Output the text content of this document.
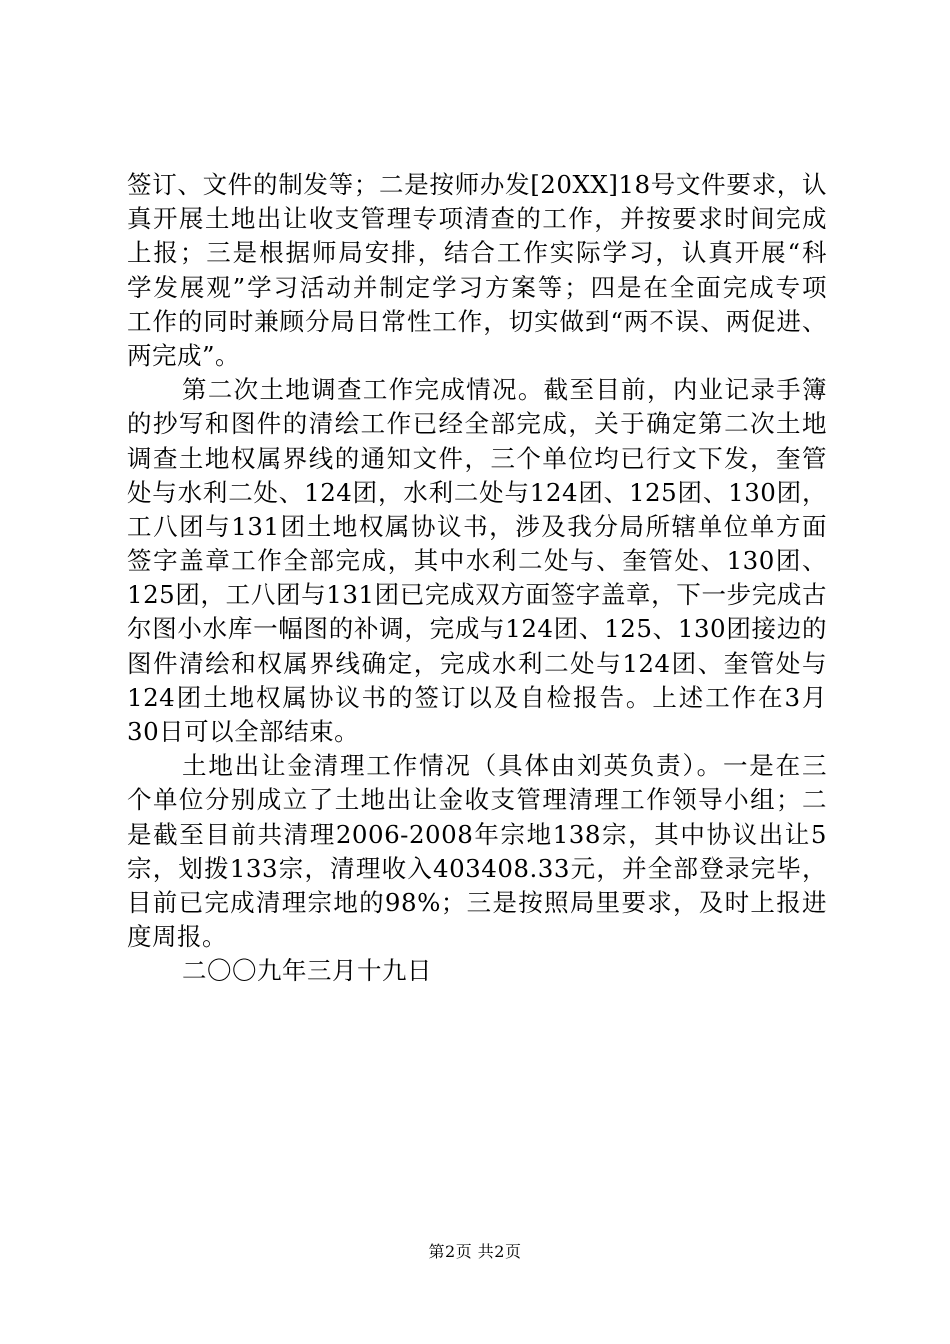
签订、文件的制发等；二是按师办发[20XX]18号文件要求，认
真开展土地出让收支管理专项清查的工作，并按要求时间完成
上报；三是根据师局安排，结合工作实际学习，认真开展“科
学发展观”学习活动并制定学习方案等；四是在全面完成专项
工作的同时兼顾分局日常性工作，切实做到“两不误、两促进、
两完成”。
第二次土地调查工作完成情况。截至目前，内业记录手簿
的抄写和图件的清绘工作已经全部完成，关于确定第二次土地
调查土地权属界线的通知文件，三个单位均已行文下发，奎管
处与水利二处、124团，水利二处与124团、125团、130团，
工八团与131团土地权属协议书，涉及我分局所辖单位单方面
签字盖章工作全部完成，其中水利二处与、奎管处、130团、
125团，工八团与131团已完成双方面签字盖章，下一步完成古
尔图小水库一幅图的补调，完成与124团、125、130团接边的
图件清绘和权属界线确定，完成水利二处与124团、奎管处与
124团土地权属协议书的签订以及自检报告。上述工作在3月
30日可以全部结束。
土地出让金清理工作情况（具体由刘英负责）。一是在三
个单位分别成立了土地出让金收支管理清理工作领导小组；二
是截至目前共清理2006-2008年宗地138宗，其中协议出让5
宗，划拨133宗，清理收入403408.33元，并全部登录完毕，
目前已完成清理宗地的98%；三是按照局里要求，及时上报进
度周报。
二〇〇九年三月十九日
第2页 共2页
